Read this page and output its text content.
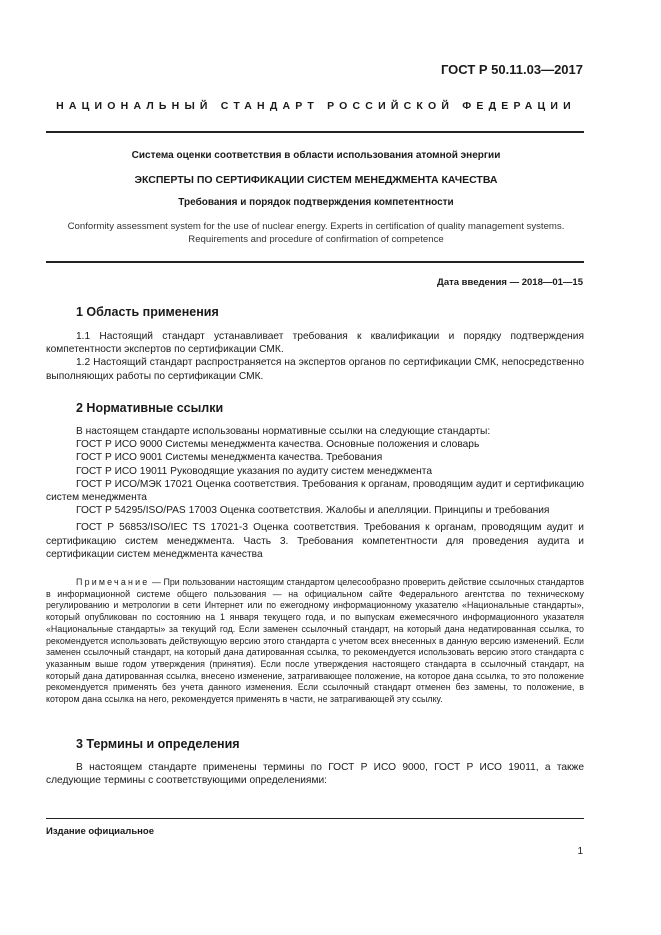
ГОСТ Р 50.11.03—2017
НАЦИОНАЛЬНЫЙ СТАНДАРТ РОССИЙСКОЙ ФЕДЕРАЦИИ
Система оценки соответствия в области использования атомной энергии
ЭКСПЕРТЫ ПО СЕРТИФИКАЦИИ СИСТЕМ МЕНЕДЖМЕНТА КАЧЕСТВА
Требования и порядок подтверждения компетентности
Conformity assessment system for the use of nuclear energy. Experts in certification of quality management systems.
Requirements and procedure of confirmation of competence
Дата введения — 2018—01—15
1 Область применения

1.1 Настоящий стандарт устанавливает требования к квалификации и порядку подтверждения компетентности экспертов по сертификации СМК.

1.2 Настоящий стандарт распространяется на экспертов органов по сертификации СМК, непосредственно выполняющих работы по сертификации СМК.

2 Нормативные ссылки

В настоящем стандарте использованы нормативные ссылки на следующие стандарты:

ГОСТ Р ИСО 9000 Системы менеджмента качества. Основные положения и словарь

ГОСТ Р ИСО 9001 Системы менеджмента качества. Требования

ГОСТ Р ИСО 19011 Руководящие указания по аудиту систем менеджмента

ГОСТ Р ИСО/МЭК 17021 Оценка соответствия. Требования к органам, проводящим аудит и сертификацию систем менеджмента

ГОСТ Р 54295/ISO/PAS 17003 Оценка соответствия. Жалобы и апелляции. Принципы и требования

ГОСТ Р 56853/ISO/IEC TS 17021-3 Оценка соответствия. Требования к органам, проводящим аудит и сертификацию систем менеджмента. Часть 3. Требования компетентности для проведения аудита и сертификации систем менеджмента качества

Примечание — При пользовании настоящим стандартом целесообразно проверить действие ссылочных стандартов в информационной системе общего пользования — на официальном сайте Федерального агентства по техническому регулированию и метрологии в сети Интернет или по ежегодному информационному указателю «Национальные стандарты», который опубликован по состоянию на 1 января текущего года, и по выпускам ежемесячного информационного указателя «Национальные стандарты» за текущий год. Если заменен ссылочный стандарт, на который дана недатированная ссылка, то рекомендуется использовать действующую версию этого стандарта с учетом всех внесенных в данную версию изменений. Если заменен ссылочный стандарт, на который дана датированная ссылка, то рекомендуется использовать версию этого стандарта с указанным выше годом утверждения (принятия). Если после утверждения настоящего стандарта в ссылочный стандарт, на который дана датированная ссылка, внесено изменение, затрагивающее положение, на которое дана ссылка, то это положение рекомендуется применять без учета данного изменения. Если ссылочный стандарт отменен без замены, то положение, в котором дана ссылка на него, рекомендуется применять в части, не затрагивающей эту ссылку.

3 Термины и определения

В настоящем стандарте применены термины по ГОСТ Р ИСО 9000, ГОСТ Р ИСО 19011, а также следующие термины с соответствующими определениями:

Издание официальное
1
